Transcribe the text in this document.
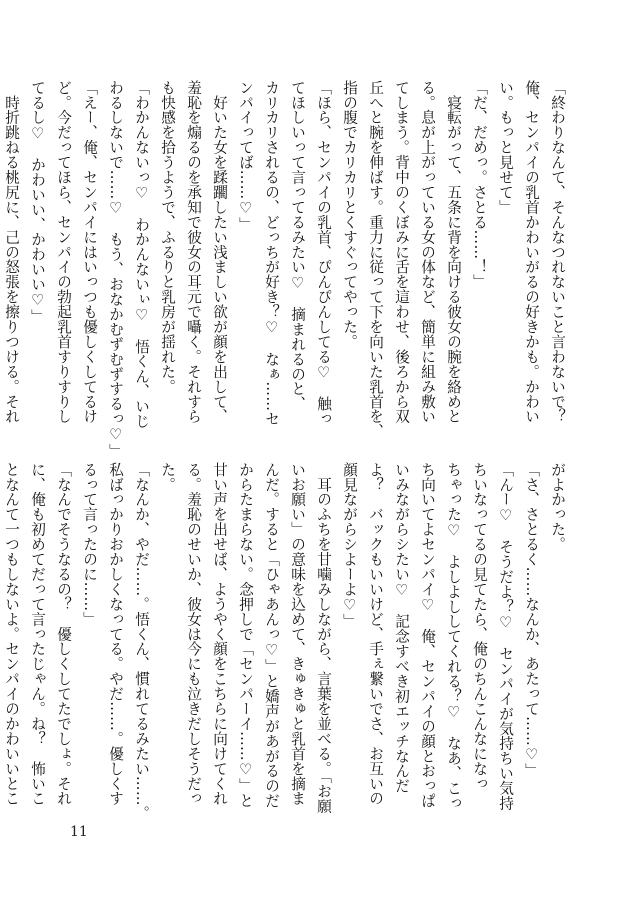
「終わりなんて、そんなつれないこと言わないで？
俺、センパイの乳首かわいがるの好きかも。かわい
い。もっと見せて」
「だ、だめっ。さとる……！」
　寝転がって、五条に背を向ける彼女の腕を絡めと
る。息が上がっている女の体など、簡単に組み敷い
てしまう。背中のくぼみに舌を這わせ、後ろから双
丘へと腕を伸ばす。重力に従って下を向いた乳首を、
指の腹でカリカリとくすぐってやった。
「ほら、センパイの乳首、ぴんぴんしてる♡　触っ
てほしいって言ってるみたい♡　摘まれるのと、
カリカリされるの、どっちが好き？♡　なぁ……セ
ンパイってば……♡」
　好いた女を蹂躙したい浅ましい欲が顔を出して、
羞恥を煽るのを承知で彼女の耳元で囁く。それすら
も快感を拾うようで、ふるりと乳房が揺れた。
「わかんないっ♡　わかんないぃ♡　悟くん、いじ
わるしないで……♡　もう、おなかむずむずするっ♡」
「えー、俺、センパイにはいっつも優しくしてるけ
ど。今だってほら、センパイの勃起乳首すりすりし
てるし♡　かわいい、かわいい♡」
　時折跳ねる桃尻に、己の怒張を擦りつける。それ
がよかった。
「さ、さとるく……なんか、あたって……♡」
「んー♡　そうだよ？♡　センパイが気持ちい気持
ちいなってるの見てたら、俺のちんこんなになっ
ちゃった♡　よしよししてくれる？♡　なあ、こっ
ち向いてよセンパイ♡　俺、センパイの顔とおっぱ
いみながらシたい♡　記念すべき初エッチなんだ
よ？　バックもいいけど、手ぇ繋いでさ、お互いの
顔見ながらシよーよ♡」
　耳のふちを甘噛みしながら、言葉を並べる。「お願
いお願い」の意味を込めて、きゅきゅと乳首を摘ま
んだ。すると「ひゃあんっ♡」と嬌声があがるのだ
からたまらない。念押しで「センパーイ……♡」と
甘い声を出せば、ようやく顔をこちらに向けてくれ
る。羞恥のせいか、彼女は今にも泣きだしそうだっ
た。
「なんか、やだ……。悟くん、慣れてるみたい……。
私ばっかりおかしくなってる。やだ……。優しくす
るって言ったのに……」
「なんでそうなるの？　優しくしてたでしょ。それ
に、俺も初めてだって言ったじゃん。ね？　怖いこ
となんて一つもしないよ。センパイのかわいいとこ
11
